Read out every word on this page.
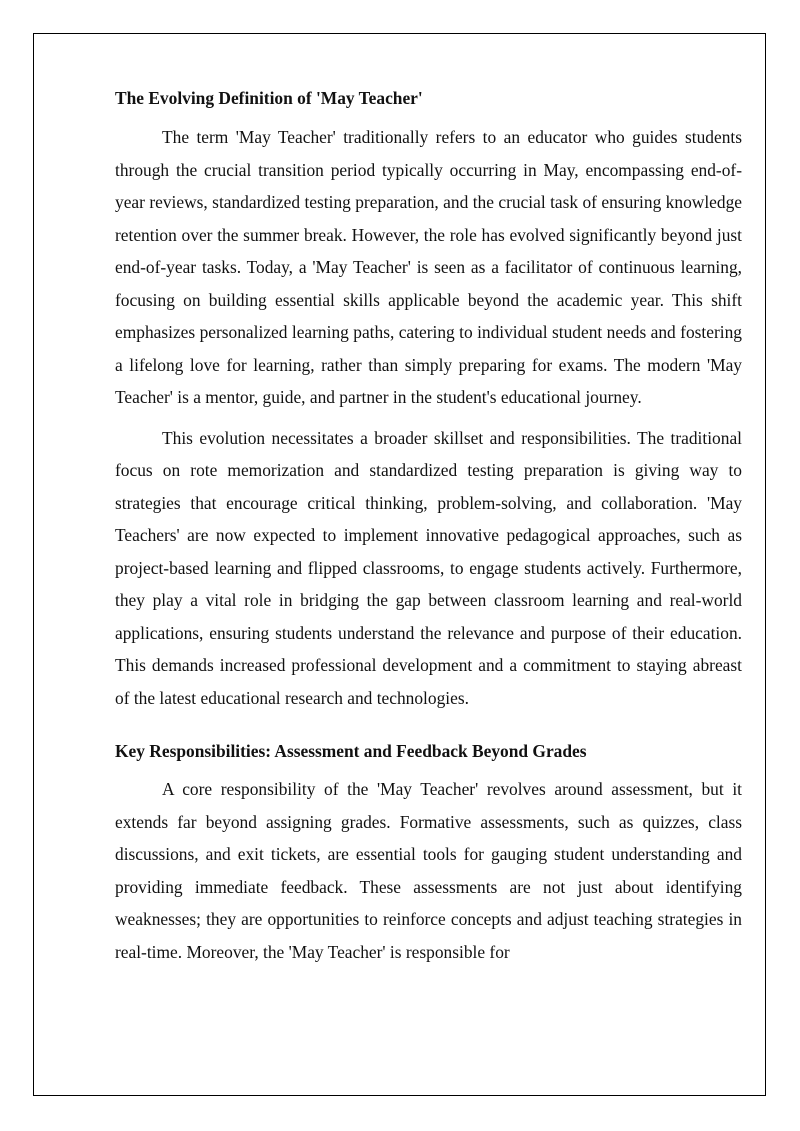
The Evolving Definition of 'May Teacher'

The term 'May Teacher' traditionally refers to an educator who guides students through the crucial transition period typically occurring in May, encompassing end-of-year reviews, standardized testing preparation, and the crucial task of ensuring knowledge retention over the summer break. However, the role has evolved significantly beyond just end-of-year tasks. Today, a 'May Teacher' is seen as a facilitator of continuous learning, focusing on building essential skills applicable beyond the academic year. This shift emphasizes personalized learning paths, catering to individual student needs and fostering a lifelong love for learning, rather than simply preparing for exams. The modern 'May Teacher' is a mentor, guide, and partner in the student's educational journey.

This evolution necessitates a broader skillset and responsibilities. The traditional focus on rote memorization and standardized testing preparation is giving way to strategies that encourage critical thinking, problem-solving, and collaboration. 'May Teachers' are now expected to implement innovative pedagogical approaches, such as project-based learning and flipped classrooms, to engage students actively. Furthermore, they play a vital role in bridging the gap between classroom learning and real-world applications, ensuring students understand the relevance and purpose of their education. This demands increased professional development and a commitment to staying abreast of the latest educational research and technologies.

Key Responsibilities: Assessment and Feedback Beyond Grades

A core responsibility of the 'May Teacher' revolves around assessment, but it extends far beyond assigning grades. Formative assessments, such as quizzes, class discussions, and exit tickets, are essential tools for gauging student understanding and providing immediate feedback. These assessments are not just about identifying weaknesses; they are opportunities to reinforce concepts and adjust teaching strategies in real-time. Moreover, the 'May Teacher' is responsible for
